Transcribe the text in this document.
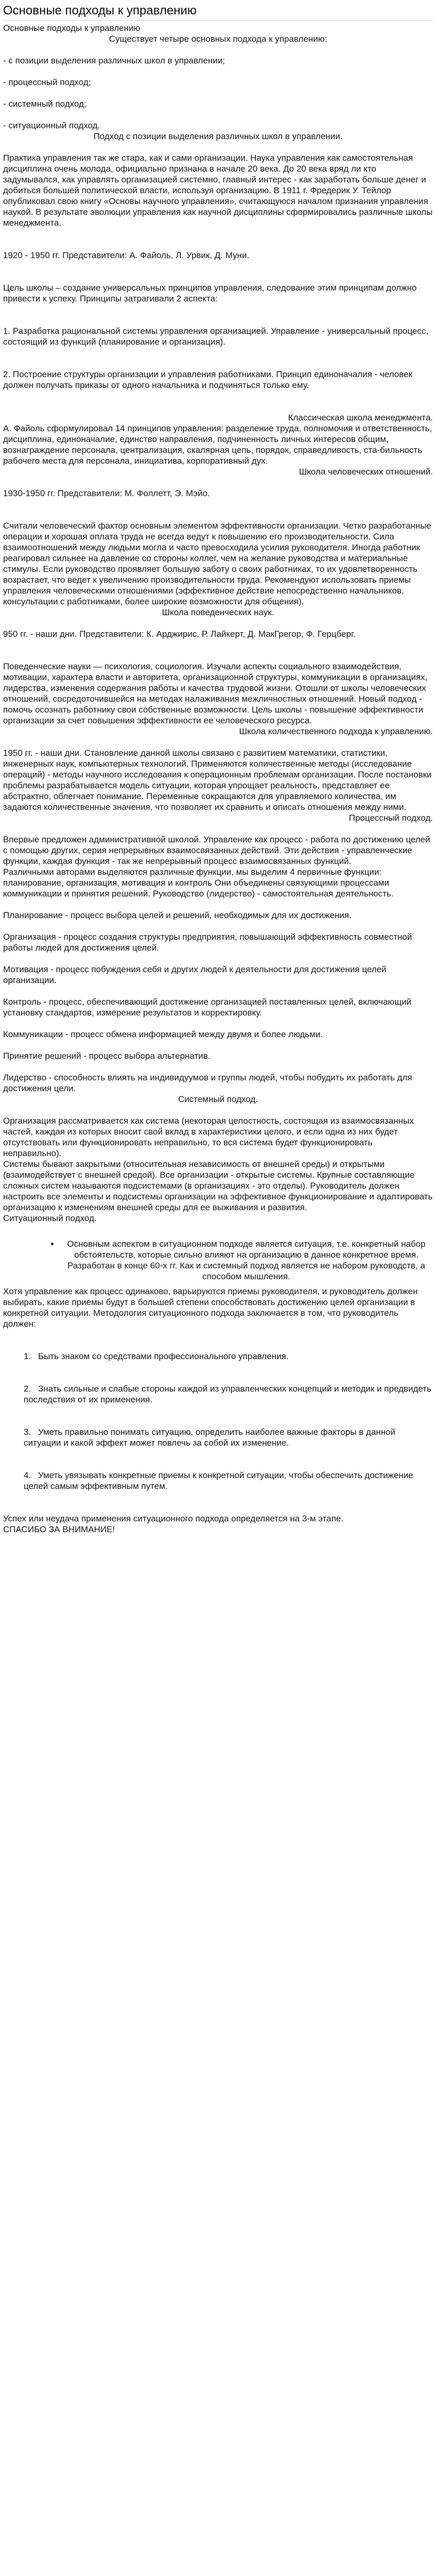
Основные подходы к управлению

Основные подходы к управлению

Существует четыре основных подхода к управлению:

- с позиции выделения различных школ в управлении;

- процессный подход;

- системный подход;

- ситуационный подход.

Подход с позиции выделения различных школ в управлении.

Практика управления так же стара, как и сами организации. Наука управления как самостоятельная дисциплина очень молода, официально признана в начале 20 века. До 20 века вряд ли кто задумывался, как управлять организацией системно, главный интерес - как заработать больше денег и добиться большей политической власти, используя организацию. В 1911 г. Фредерик У. Тейлор опубликовал свою книгу «Основы научного управления», считающуюся началом признания управления наукой. В результате эволюции управления как научной дисциплины сформировались различные школы менеджмента.

1920 - 1950 гг. Представители: А. Файоль, Л. Урвик, Д. Муни.

Цель школы – создание универсальных принципов управления, следование этим принципам должно привести к успеху. Принципы затрагивали 2 аспекта:

1. Разработка рациональной системы управления организацией. Управление - универсальный процесс, состоящий из функций (планирование и организация).

2. Построение структуры организации и управления работниками. Принцип единоначалия - человек должен получать приказы от одного начальника и подчиняться только ему.

Классическая школа менеджмента.

А. Файоль сформулировал 14 принципов управления: разделение труда, полномочия и ответственность, дисциплина, единоначалие, единство направления, подчиненность личных интересов общим, вознаграждение персонала, централизация, скалярная цепь, порядок, справедливость, ста-бильность рабочего места для персонала, инициатива, корпоративный дух.

Школа человеческих отношений.

1930-1950 гг. Представители: М. Фоллетт, Э. Мэйо.

Считали человеческий фактор основным элементом эффективности организации. Четко разработанные операции и хорошая оплата труда не всегда ведут к повышению его производительности. Сила взаимоотношений между людьми могла и часто превосходила усилия руководителя. Иногда работник реагировал сильнее на давление со стороны коллег, чем на желание руководства и материальные стимулы. Если руководство проявляет большую заботу о своих работниках, то их удовлетворенность возрастает, что ведет к увеличению производительности труда. Рекомендуют использовать приемы управления человеческими отношениями (эффективное действие непосредственно начальников, консультации с работниками, более широкие возможности для общения).

Школа поведенческих наук.

950 гг. - наши дни. Представители: К. Арджирис, Р. Лайкерт, Д. МакГрегор, Ф. Герцберг.

Поведенческие науки — психология, социология. Изучали аспекты социального взаимодействия, мотивации, характера власти и авторитета, организационной структуры, коммуникации в организациях, лидерства, изменения содержания работы и качества трудовой жизни. Отошли от школы человеческих отношений, сосредоточившейся на методах налаживания межличностных отношений. Новый подход - помочь осознать работнику свои собственные возможности. Цель школы - повышение эффективности организации за счет повышения эффективности ее человеческого ресурса.

Школа количественного подхода к управлению.

1950 гг. - наши дни. Становление данной школы связано с развитием математики, статистики, инженерных наук, компьютерных технологий. Применяются количественные методы (исследование операций) - методы научного исследования к операционным проблемам организации. После постановки проблемы разрабатывается модель ситуации, которая упрощает реальность, представляет ее абстрактно, облегчает понимание. Переменные сокращаются для управляемого количества, им задаются количественные значения, что позволяет их сравнить и описать отношения между ними.

Процессный подход.

Впервые предложен административной школой. Управление как процесс - работа по достижению целей с помощью других, серия непрерывных взаимосвязанных действий. Эти действия - управленческие функции, каждая функция - так же непрерывный процесс взаимосвязанных функций.

Различными авторами выделяются различные функции, мы выделим 4 первичные функции: планирование, организация, мотивация и контроль Они объединены связующими процессами коммуникации и принятия решений. Руководство (лидерство) - самостоятельная деятельность.

Планирование - процесс выбора целей и решений, необходимых для их достижения.

Организация - процесс создания структуры предприятия, повышающий эффективность совместной работы людей для достижения целей.

Мотивация - процесс побуждения себя и других людей к деятельности для достижения целей организации.

Контроль - процесс, обеспечивающий достижение организацией поставленных целей, включающий установку стандартов, измерение результатов и корректировку.

Коммуникации - процесс обмена информацией между двумя и более людьми.

Принятие решений - процесс выбора альтернатив.

Лидерство - способность влиять на индивидуумов и группы людей, чтобы побудить их работать для достижения цели.

Системный подход.

Организация рассматривается как система (некоторая целостность, состоящая из взаимосвязанных частей, каждая из которых вносит свой вклад в характеристики целого, и если одна из них будет отсутствовать или функционировать неправильно, то вся система будет функционировать неправильно).

Системы бывают закрытыми (относительная независимость от внешней среды) и открытыми (взаимодействует с внешней средой). Все организации - открытые системы. Крупные составляющие сложных систем называются подсистемами (в организациях - это отделы). Руководитель должен настроить все элементы и подсистемы организации на эффективное функционирование и адаптировать организацию к изменениям внешней среды для ее выживания и развития.

Ситуационный подход.

• Основным аспектом в ситуационном подходе является ситуация, т.е. конкретный набор обстоятельств, которые сильно влияют на организацию в данное конкретное время. Разработан в конце 60-х гг. Как и системный подход является не набором руководств, а способом мышления.

Хотя управление как процесс одинаково, варьируются приемы руководителя, и руководитель должен выбирать, какие приемы будут в большей степени способствовать достижению целей организации в конкретной ситуации. Методология ситуационного подхода заключается в том, что руководитель должен:

1. Быть знаком со средствами профессионального управления.
2. Знать сильные и слабые стороны каждой из управленческих концепций и методик и предвидеть последствия от их применения.
3. Уметь правильно понимать ситуацию, определить наиболее важные факторы в данной ситуации и какой эффект может повлечь за собой их изменение.
4. Уметь увязывать конкретные приемы к конкретной ситуации, чтобы обеспечить достижение целей самым эффективным путем.

Успех или неудача применения ситуационного подхода определяется на 3-м этапе.

СПАСИБО ЗА ВНИМАНИЕ!
